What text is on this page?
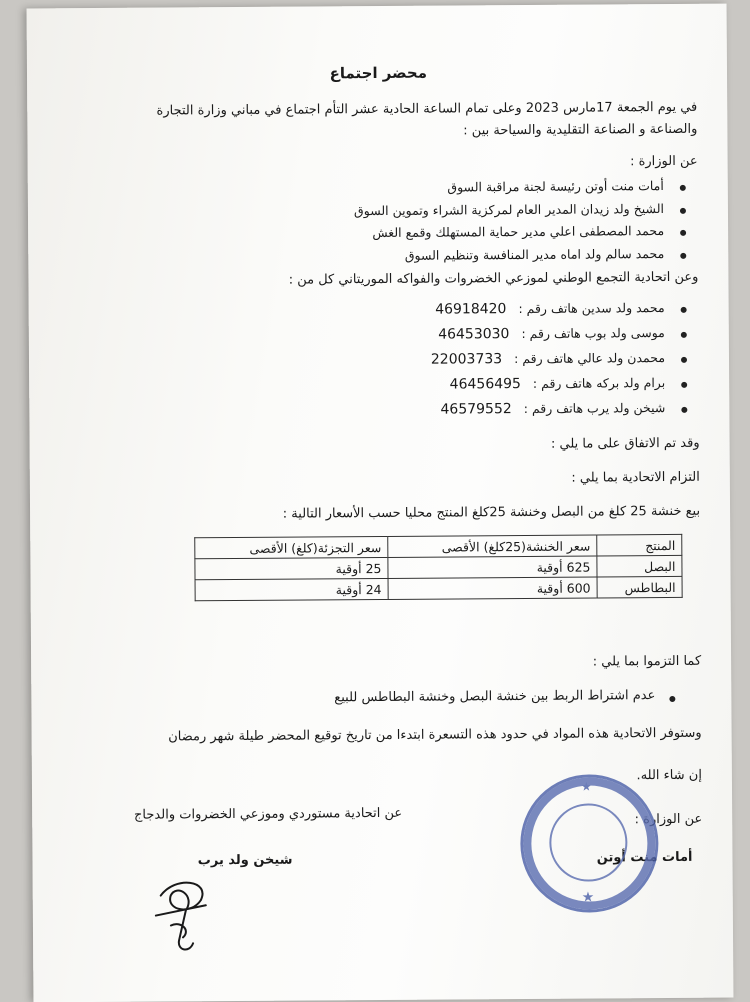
محضر اجتماع
في يوم الجمعة 17مارس 2023 وعلى تمام الساعة الحادية عشر التأم اجتماع في مباني وزارة التجارة
والصناعة و الصناعة التقليدية والسياحة بين :
عن الوزارة :
أمات منت أوتن رئيسة لجنة مراقبة السوق
الشيخ ولد زيدان المدير العام لمركزية الشراء وتموين السوق
محمد المصطفى اعلي مدير حماية المستهلك وقمع الغش
محمد سالم ولد اماه مدير المنافسة وتنظيم السوق
وعن اتحادية التجمع الوطني لموزعي الخضروات والفواكه الموريتاني كل من :
محمد ولد سدين هاتف رقم : 46918420
موسى ولد بوب هاتف رقم : 46453030
محمدن ولد عالي هاتف رقم : 22003733
برام ولد بركه هاتف رقم : 46456495
شيخن ولد يرب هاتف رقم : 46579552
وقد تم الاتفاق على ما يلي :
التزام الاتحادية بما يلي :
بيع خنشة 25 كلغ من البصل وخنشة 25كلغ المنتج محليا حسب الأسعار التالية :
المنتج	سعر الخنشة(25كلغ) الأقصى	سعر التجزئة(كلغ) الأقصى
البصل	625 أوقية	25 أوقية
البطاطس	600 أوقية	24 أوقية
كما التزموا بما يلي :
عدم اشتراط الربط بين خنشة البصل وخنشة البطاطس للبيع
وستوفر الاتحادية هذه المواد في حدود هذه التسعرة ابتدءا من تاريخ توقيع المحضر طيلة شهر رمضان
إن شاء الله.
عن الوزارة :
أمات منت أوتن
عن اتحادية مستوردي وموزعي الخضروات والدجاج
شيخن ولد يرب
★
★
